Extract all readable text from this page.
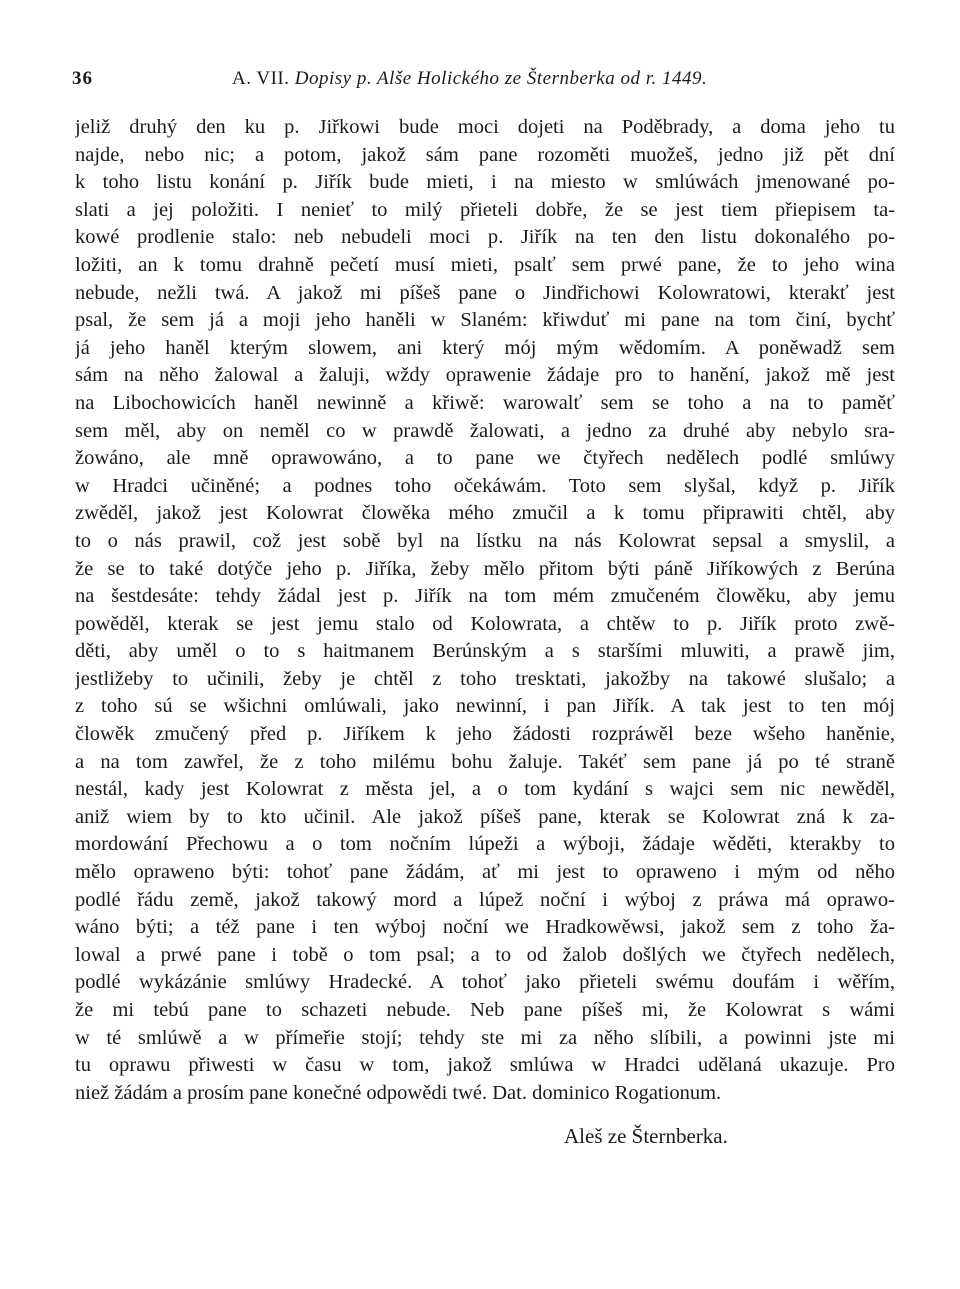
36	A. VII. Dopisy p. Alše Holického ze Šternberka od r. 1449.
jeliž druhý den ku p. Jiřkowi bude moci dojeti na Poděbrady, a doma jeho tu
najde, nebo nic; a potom, jakož sám pane rozoměti muožeš, jedno již pět dní
k toho listu konání p. Jiřík bude mieti, i na miesto w smlúwách jmenowané po-
slati a jej položiti. I nenieť to milý přieteli dobře, že se jest tiem přiepisem ta-
kowé prodlenie stalo: neb nebudeli moci p. Jiřík na ten den listu dokonalého po-
ložiti, an k tomu drahně pečetí musí mieti, psalť sem prwé pane, že to jeho wina
nebude, nežli twá. A jakož mi píšeš pane o Jindřichowi Kolowratowi, kterakť jest
psal, že sem já a moji jeho haněli w Slaném: křiwduť mi pane na tom činí, bychť
já jeho haněl kterým slowem, ani který mój mým wědomím. A poněwadž sem
sám na něho žalowal a žaluji, wždy oprawenie žádaje pro to hanění, jakož mě jest
na Libochowicích haněl newinně a křiwě: warowalť sem se toho a na to paměť
sem měl, aby on neměl co w prawdě žalowati, a jedno za druhé aby nebylo sra-
žowáno, ale mně oprawowáno, a to pane we čtyřech nedělech podlé smlúwy
w Hradci učiněné; a podnes toho očekáwám. Toto sem slyšal, když p. Jiřík
zwěděl, jakož jest Kolowrat člowěka mého zmučil a k tomu připrawiti chtěl, aby
to o nás prawil, což jest sobě byl na lístku na nás Kolowrat sepsal a smyslil, a
že se to také dotýče jeho p. Jiříka, žeby mělo přitom býti páně Jiříkowých z Berúna
na šestdesáte: tehdy žádal jest p. Jiřík na tom mém zmučeném člowěku, aby jemu
powěděl, kterak se jest jemu stalo od Kolowrata, a chtěw to p. Jiřík proto zwě-
děti, aby uměl o to s haitmanem Berúnským a s staršími mluwiti, a prawě jim,
jestližeby to učinili, žeby je chtěl z toho tresktati, jakožby na takowé slušalo; a
z toho sú se wšichni omlúwali, jako newinní, i pan Jiřík. A tak jest to ten mój
člowěk zmučený před p. Jiříkem k jeho žádosti rozpráwěl beze wšeho haněnie,
a na tom zawřel, že z toho milému bohu žaluje. Takéť sem pane já po té straně
nestál, kady jest Kolowrat z města jel, a o tom kydání s wajci sem nic newěděl,
aniž wiem by to kto učinil. Ale jakož píšeš pane, kterak se Kolowrat zná k za-
mordowání Přechowu a o tom nočním lúpeži a wýboji, žádaje wěděti, kterakby to
mělo oprawenо býti: tohoť pane žádám, ať mi jest to oprawenо i mým od něho
podlé řádu země, jakož takowý mord a lúpež noční i wýboj z práwa má oprawo-
wáno býti; a též pane i ten wýboj noční we Hradkowěwsi, jakož sem z toho ža-
lowal a prwé pane i tobě o tom psal; a to od žalob došlých we čtyřech nedělech,
podlé wykázánie smlúwy Hradecké. A tohoť jako přieteli swému doufám i wěřím,
že mi tebú pane to schazeti nebude. Neb pane píšeš mi, že Kolowrat s wámi
w té smlúwě a w přímeřie stojí; tehdy ste mi za něho slíbili, a powinni jste mi
tu oprawu přiwesti w času w tom, jakož smlúwa w Hradci udělaná ukazuje. Pro
niež žádám a prosím pane konečné odpowědi twé. Dat. dominico Rogationum.
Aleš ze Šternberka.
